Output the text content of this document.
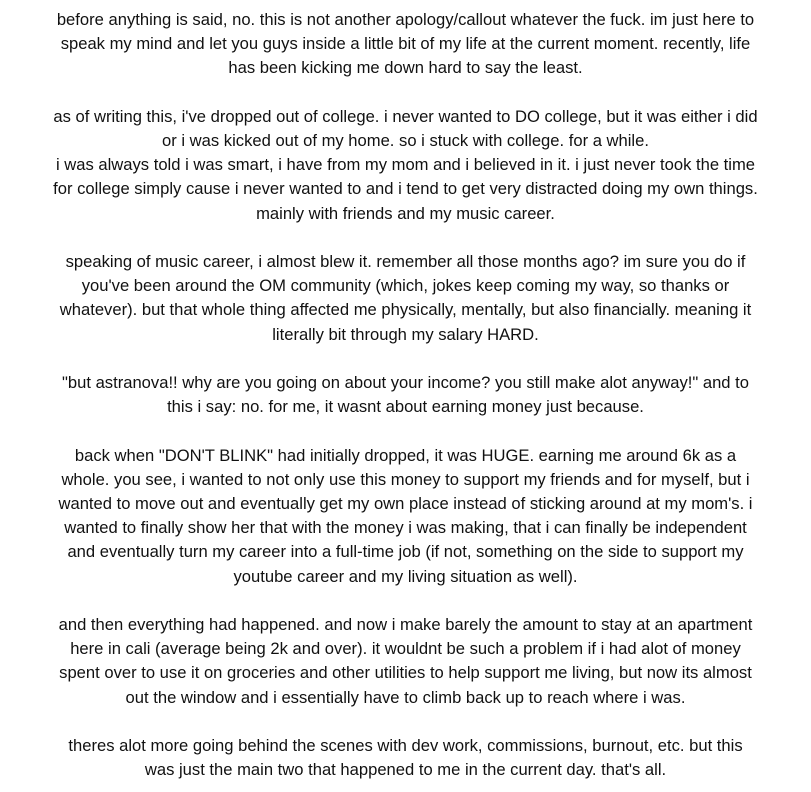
before anything is said, no. this is not another apology/callout whatever the fuck. im just here to
speak my mind and let you guys inside a little bit of my life at the current moment. recently, life
has been kicking me down hard to say the least.

as of writing this, i've dropped out of college. i never wanted to DO college, but it was either i did
or i was kicked out of my home. so i stuck with college. for a while.
i was always told i was smart, i have from my mom and i believed in it. i just never took the time
for college simply cause i never wanted to and i tend to get very distracted doing my own things.
mainly with friends and my music career.

speaking of music career, i almost blew it. remember all those months ago? im sure you do if
you've been around the OM community (which, jokes keep coming my way, so thanks or
whatever). but that whole thing affected me physically, mentally, but also financially. meaning it
literally bit through my salary HARD.

"but astranova!! why are you going on about your income? you still make alot anyway!" and to
this i say: no. for me, it wasnt about earning money just because.

back when "DON'T BLINK" had initially dropped, it was HUGE. earning me around 6k as a
whole. you see, i wanted to not only use this money to support my friends and for myself, but i
wanted to move out and eventually get my own place instead of sticking around at my mom's. i
wanted to finally show her that with the money i was making, that i can finally be independent
and eventually turn my career into a full-time job (if not, something on the side to support my
youtube career and my living situation as well).

and then everything had happened. and now i make barely the amount to stay at an apartment
here in cali (average being 2k and over). it wouldnt be such a problem if i had alot of money
spent over to use it on groceries and other utilities to help support me living, but now its almost
out the window and i essentially have to climb back up to reach where i was.

theres alot more going behind the scenes with dev work, commissions, burnout, etc. but this
was just the main two that happened to me in the current day. that's all.
